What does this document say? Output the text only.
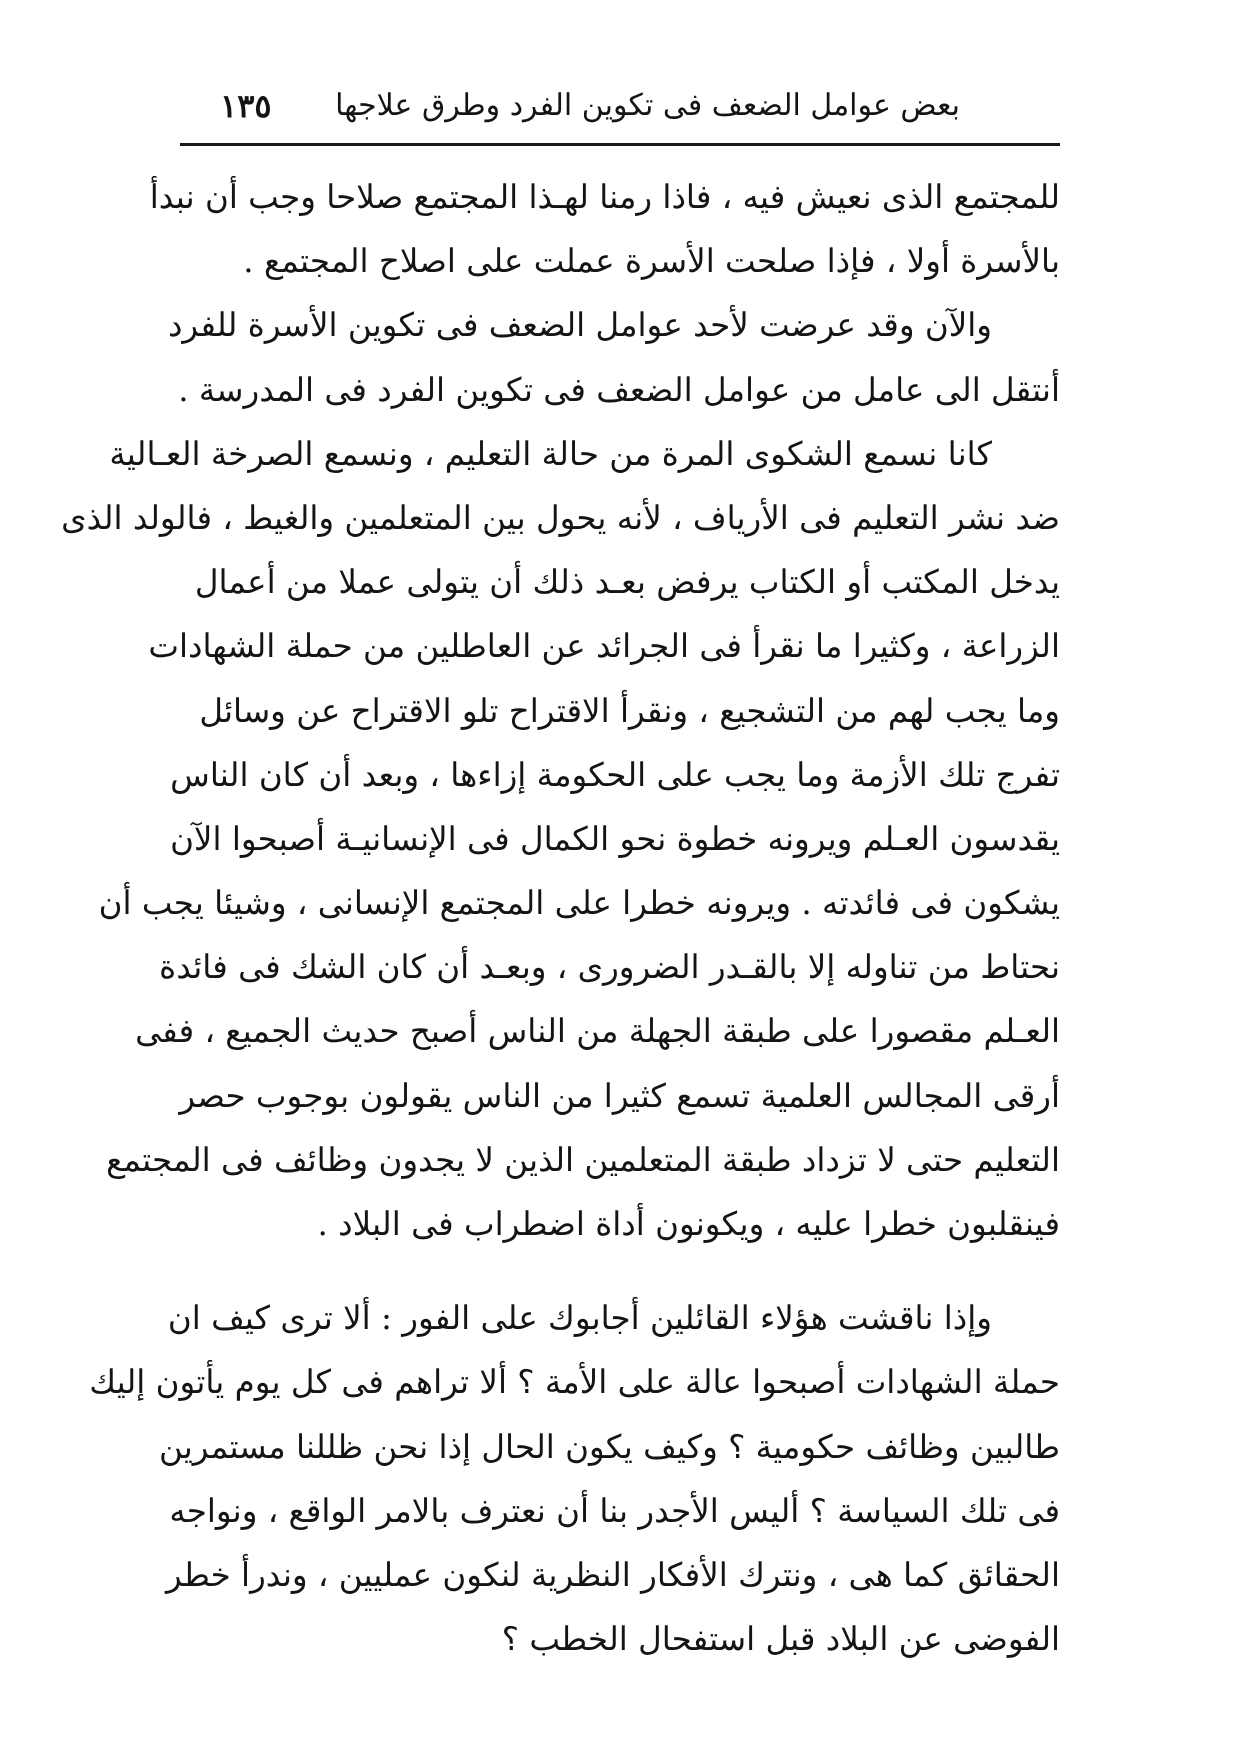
بعض عوامل الضعف فى تكوين الفرد وطرق علاجها
١٣٥
للمجتمع الذى نعيش فيه ، فاذا رمنا لهـذا المجتمع صلاحا وجب أن نبدأ
بالأسرة أولا ، فإذا صلحت الأسرة عملت على اصلاح المجتمع .
والآن وقد عرضت لأحد عوامل الضعف فى تكوين الأسرة للفرد
أنتقل الى عامل من عوامل الضعف فى تكوين الفرد فى المدرسة .
كانا نسمع الشكوى المرة من حالة التعليم ، ونسمع الصرخة العـالية
ضد نشر التعليم فى الأرياف ، لأنه يحول بين المتعلمين والغيط ، فالولد الذى
يدخل المكتب أو الكتاب يرفض بعـد ذلك أن يتولى عملا من أعمال
الزراعة ، وكثيرا ما نقرأ فى الجرائد عن العاطلين من حملة الشهادات
وما يجب لهم من التشجيع ، ونقرأ الاقتراح تلو الاقتراح عن وسائل
تفرج تلك الأزمة وما يجب على الحكومة إزاءها ، وبعد أن كان الناس
يقدسون العـلم ويرونه خطوة نحو الكمال فى الإنسانيـة أصبحوا الآن
يشكون فى فائدته . ويرونه خطرا على المجتمع الإنسانى ، وشيئا يجب أن
نحتاط من تناوله إلا بالقـدر الضرورى ، وبعـد أن كان الشك فى فائدة
العـلم مقصورا على طبقة الجهلة من الناس أصبح حديث الجميع ، ففى
أرقى المجالس العلمية تسمع كثيرا من الناس يقولون بوجوب حصر
التعليم حتى لا تزداد طبقة المتعلمين الذين لا يجدون وظائف فى المجتمع
فينقلبون خطرا عليه ، ويكونون أداة اضطراب فى البلاد .
وإذا ناقشت هؤلاء القائلين أجابوك على الفور : ألا ترى كيف ان
حملة الشهادات أصبحوا عالة على الأمة ؟ ألا تراهم فى كل يوم يأتون إليك
طالبين وظائف حكومية ؟ وكيف يكون الحال إذا نحن ظللنا مستمرين
فى تلك السياسة ؟ أليس الأجدر بنا أن نعترف بالامر الواقع ، ونواجه
الحقائق كما هى ، ونترك الأفكار النظرية لنكون عمليين ، وندرأ خطر
الفوضى عن البلاد قبل استفحال الخطب ؟
